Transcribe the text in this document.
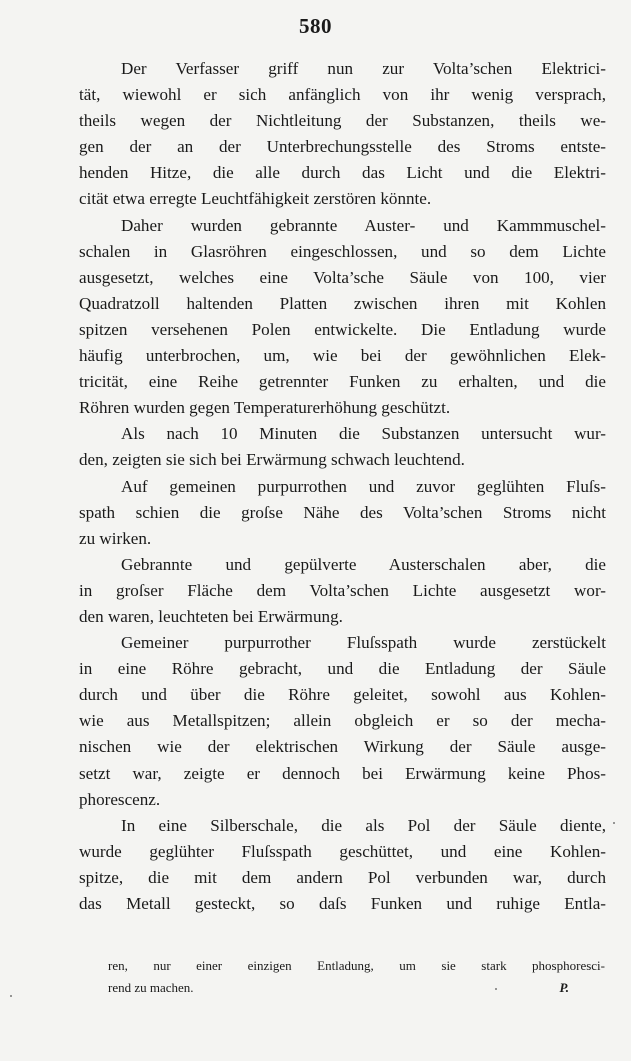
580
Der Verfasser griff nun zur Volta’schen Elektrici-
tät, wiewohl er sich anfänglich von ihr wenig versprach,
theils wegen der Nichtleitung der Substanzen, theils we-
gen der an der Unterbrechungsstelle des Stroms entste-
henden Hitze, die alle durch das Licht und die Elektri-
cität etwa erregte Leuchtfähigkeit zerstören könnte.
Daher wurden gebrannte Auster- und Kammmuschel-
schalen in Glasröhren eingeschlossen, und so dem Lichte
ausgesetzt, welches eine Volta’sche Säule von 100, vier
Quadratzoll haltenden Platten zwischen ihren mit Kohlen
spitzen versehenen Polen entwickelte. Die Entladung wurde
häufig unterbrochen, um, wie bei der gewöhnlichen Elek-
tricität, eine Reihe getrennter Funken zu erhalten, und die
Röhren wurden gegen Temperaturerhöhung geschützt.
Als nach 10 Minuten die Substanzen untersucht wur-
den, zeigten sie sich bei Erwärmung schwach leuchtend.
Auf gemeinen purpurrothen und zuvor geglühten Fluſs-
spath schien die groſse Nähe des Volta’schen Stroms nicht
zu wirken.
Gebrannte und gepülverte Austerschalen aber, die
in groſser Fläche dem Volta’schen Lichte ausgesetzt wor-
den waren, leuchteten bei Erwärmung.
Gemeiner purpurrother Fluſsspath wurde zerstückelt
in eine Röhre gebracht, und die Entladung der Säule
durch und über die Röhre geleitet, sowohl aus Kohlen-
wie aus Metallspitzen; allein obgleich er so der mecha-
nischen wie der elektrischen Wirkung der Säule ausge-
setzt war, zeigte er dennoch bei Erwärmung keine Phos-
phorescenz.
In eine Silberschale, die als Pol der Säule diente,
wurde geglühter Fluſsspath geschüttet, und eine Kohlen-
spitze, die mit dem andern Pol verbunden war, durch
das Metall gesteckt, so daſs Funken und ruhige Entla-
ren, nur einer einzigen Entladung, um sie stark phosphoresci-
rend zu machen.	P.
